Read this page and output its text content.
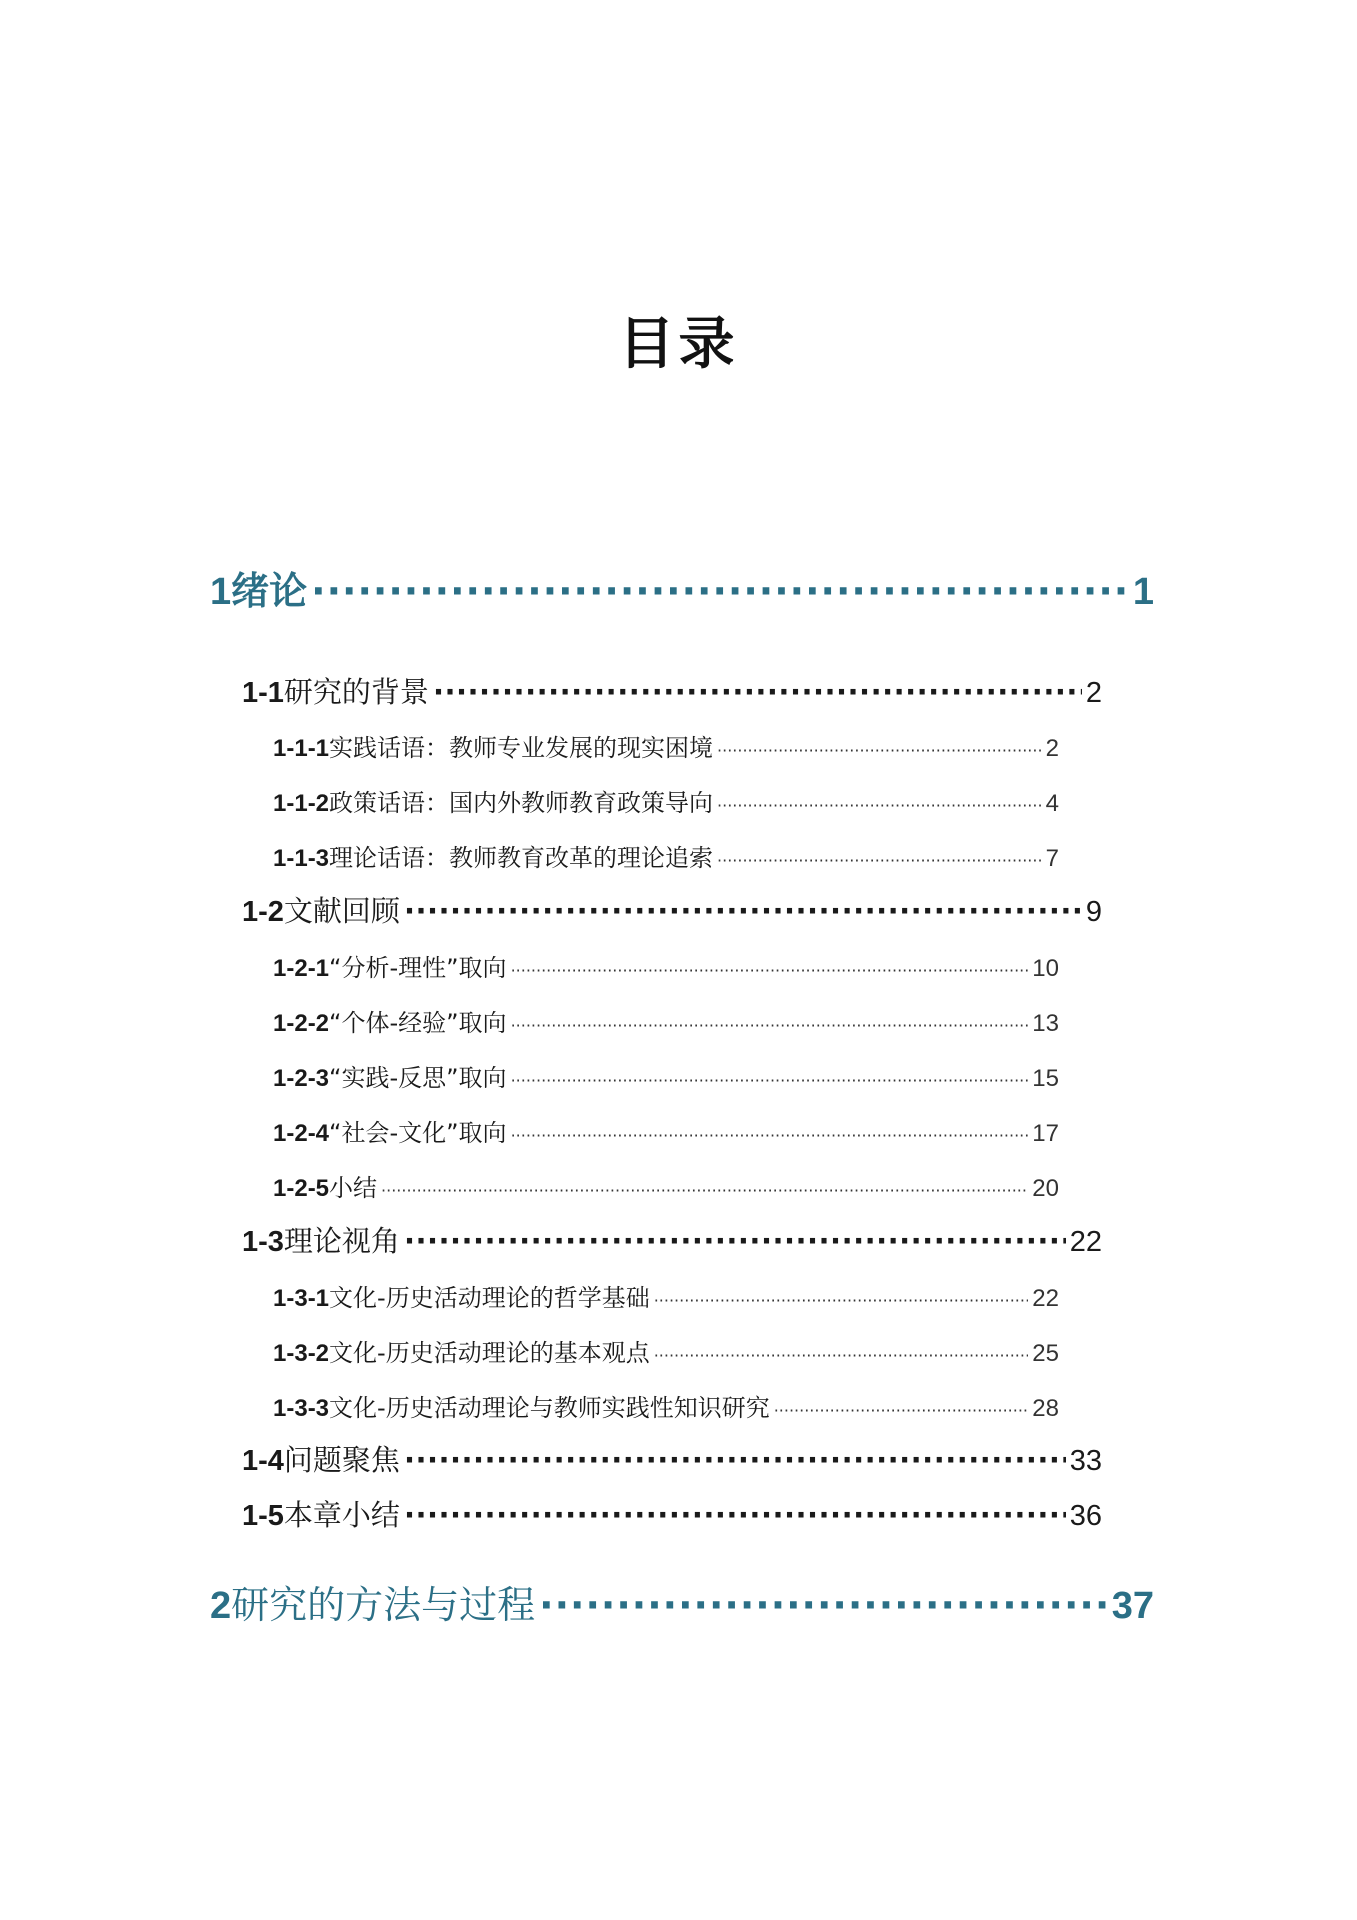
目录
1 绪论 ·····	1
1-1 研究的背景 ·····	2
1-1-1 实践话语：教师专业发展的现实困境 ·····	2
1-1-2 政策话语：国内外教师教育政策导向 ·····	4
1-1-3 理论话语：教师教育改革的理论追索 ·····	7
1-2 文献回顾 ·····	9
1-2-1 “分析-理性”取向 ·····	10
1-2-2 “个体-经验”取向 ·····	13
1-2-3 “实践-反思”取向 ·····	15
1-2-4 “社会-文化”取向 ·····	17
1-2-5 小结 ·····	20
1-3 理论视角 ·····	22
1-3-1 文化-历史活动理论的哲学基础 ·····	22
1-3-2 文化-历史活动理论的基本观点 ·····	25
1-3-3 文化-历史活动理论与教师实践性知识研究 ·····	28
1-4 问题聚焦 ·····	33
1-5 本章小结 ·····	36
2 研究的方法与过程 ·····	37
